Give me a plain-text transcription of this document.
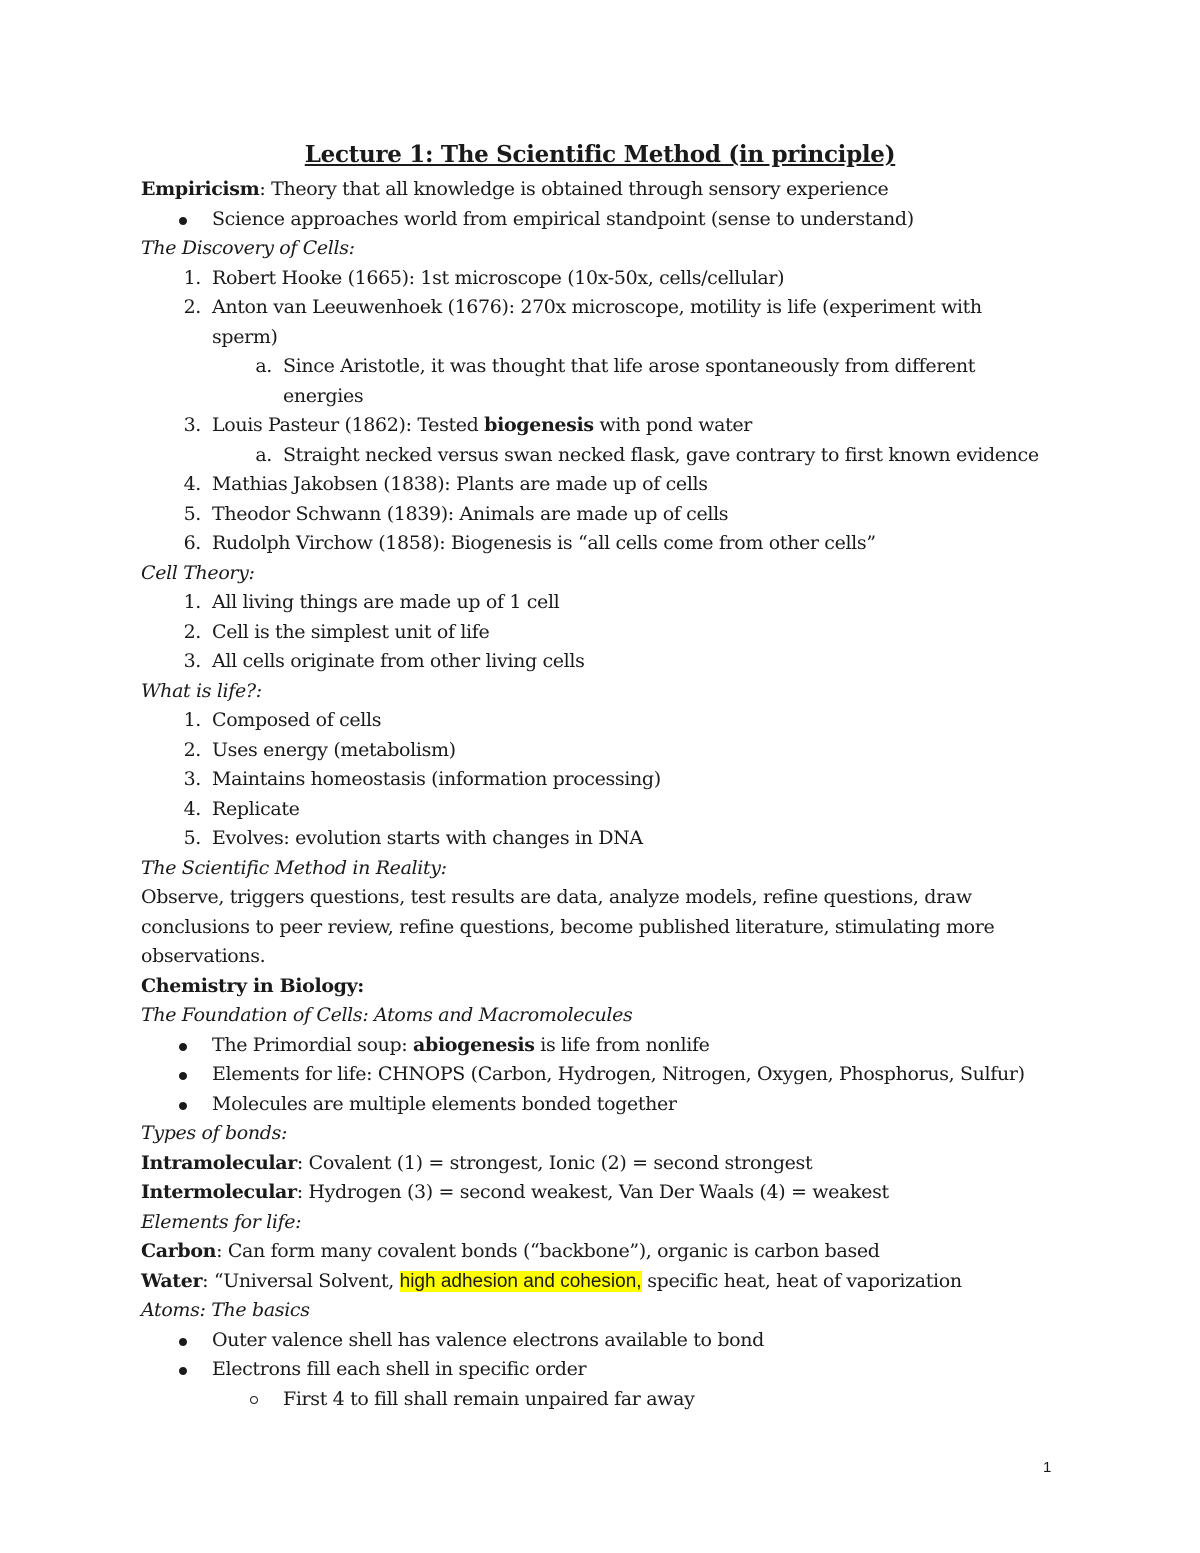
Lecture 1: The Scientific Method (in principle)
Empiricism: Theory that all knowledge is obtained through sensory experience
Science approaches world from empirical standpoint (sense to understand)
The Discovery of Cells:
1. Robert Hooke (1665): 1st microscope (10x-50x, cells/cellular)
2. Anton van Leeuwenhoek (1676): 270x microscope, motility is life (experiment with sperm)
a. Since Aristotle, it was thought that life arose spontaneously from different energies
3. Louis Pasteur (1862): Tested biogenesis with pond water
a. Straight necked versus swan necked flask, gave contrary to first known evidence
4. Mathias Jakobsen (1838): Plants are made up of cells
5. Theodor Schwann (1839): Animals are made up of cells
6. Rudolph Virchow (1858): Biogenesis is “all cells come from other cells”
Cell Theory:
1. All living things are made up of 1 cell
2. Cell is the simplest unit of life
3. All cells originate from other living cells
What is life?:
1. Composed of cells
2. Uses energy (metabolism)
3. Maintains homeostasis (information processing)
4. Replicate
5. Evolves: evolution starts with changes in DNA
The Scientific Method in Reality:
Observe, triggers questions, test results are data, analyze models, refine questions, draw conclusions to peer review, refine questions, become published literature, stimulating more observations.
Chemistry in Biology:
The Foundation of Cells: Atoms and Macromolecules
The Primordial soup: abiogenesis is life from nonlife
Elements for life: CHNOPS (Carbon, Hydrogen, Nitrogen, Oxygen, Phosphorus, Sulfur)
Molecules are multiple elements bonded together
Types of bonds:
Intramolecular: Covalent (1) = strongest, Ionic (2) = second strongest
Intermolecular: Hydrogen (3) = second weakest, Van Der Waals (4) = weakest
Elements for life:
Carbon: Can form many covalent bonds (“backbone”), organic is carbon based
Water: “Universal Solvent, high adhesion and cohesion, specific heat, heat of vaporization
Atoms: The basics
Outer valence shell has valence electrons available to bond
Electrons fill each shell in specific order
First 4 to fill shall remain unpaired far away
1
